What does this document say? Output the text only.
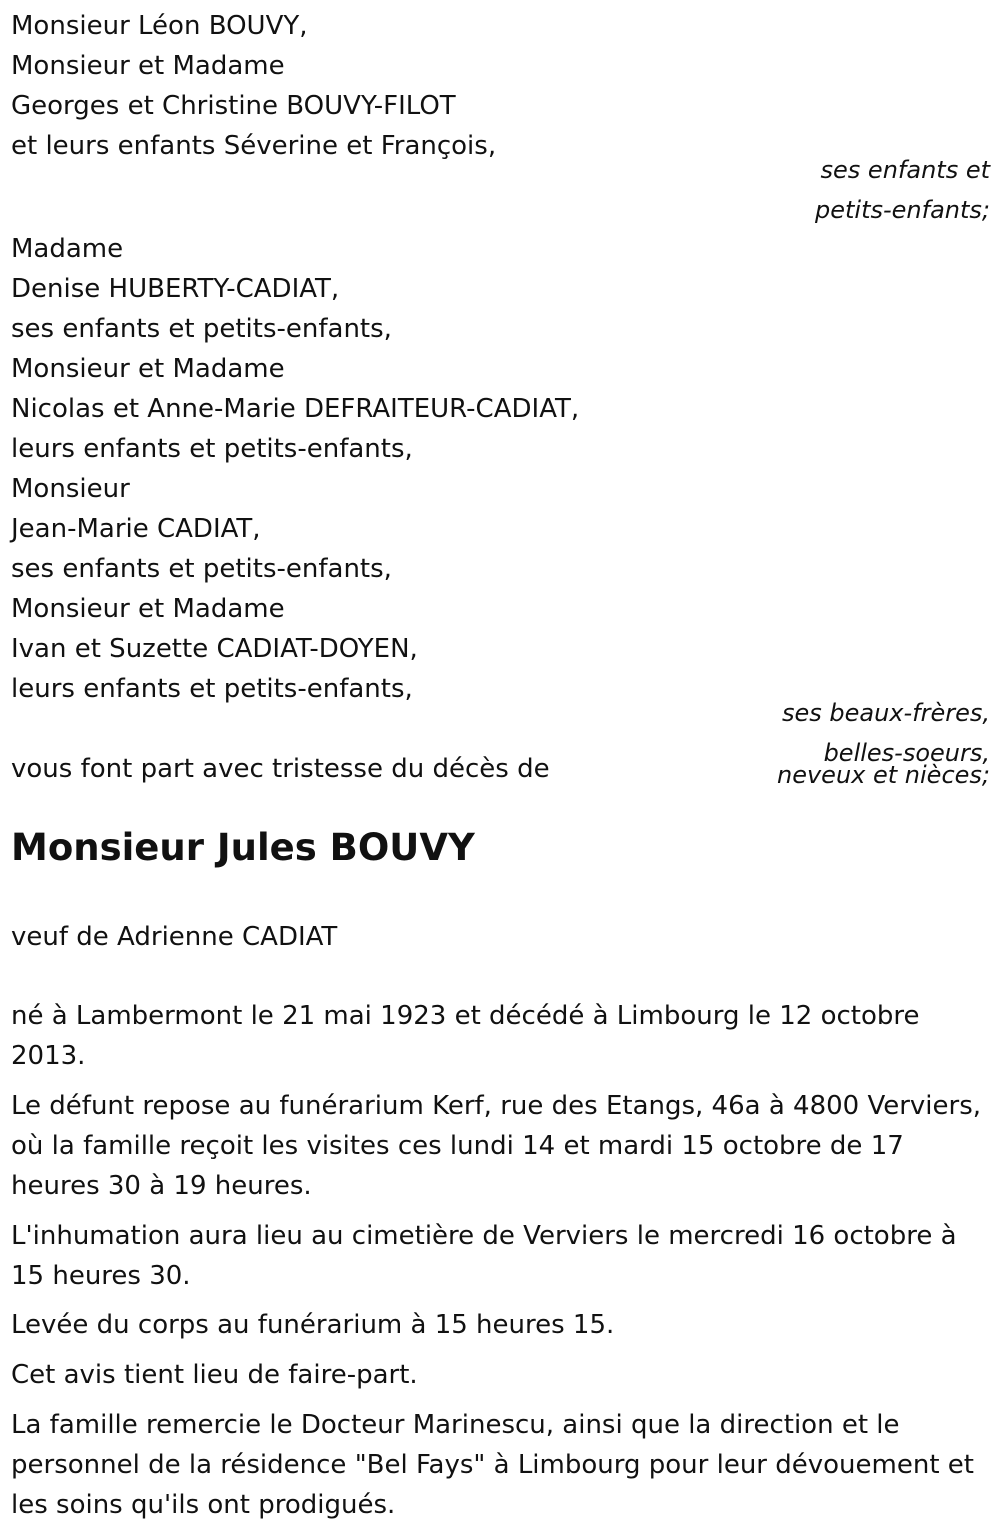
Monsieur Léon BOUVY,
Monsieur et Madame
Georges et Christine BOUVY-FILOT
et leurs enfants Séverine et François,
ses enfants et
petits-enfants;
Madame
Denise HUBERTY-CADIAT,
ses enfants et petits-enfants,
Monsieur et Madame
Nicolas et Anne-Marie DEFRAITEUR-CADIAT,
leurs enfants et petits-enfants,
Monsieur
Jean-Marie CADIAT,
ses enfants et petits-enfants,
Monsieur et Madame
Ivan et Suzette CADIAT-DOYEN,
leurs enfants et petits-enfants,
ses beaux-frères,
belles-soeurs,
neveux et nièces;
vous font part avec tristesse du décès de
Monsieur Jules BOUVY
veuf de Adrienne CADIAT
né à Lambermont le 21 mai 1923 et décédé à Limbourg le 12 octobre 2013.
Le défunt repose au funérarium Kerf, rue des Etangs, 46a à 4800 Verviers, où la famille reçoit les visites ces lundi 14 et mardi 15 octobre de 17 heures 30 à 19 heures.
L'inhumation aura lieu au cimetière de Verviers le mercredi 16 octobre à 15 heures 30.
Levée du corps au funérarium à 15 heures 15.
Cet avis tient lieu de faire-part.
La famille remercie le Docteur Marinescu, ainsi que la direction et le personnel de la résidence "Bel Fays" à Limbourg pour leur dévouement et les soins qu'ils ont prodigués.
